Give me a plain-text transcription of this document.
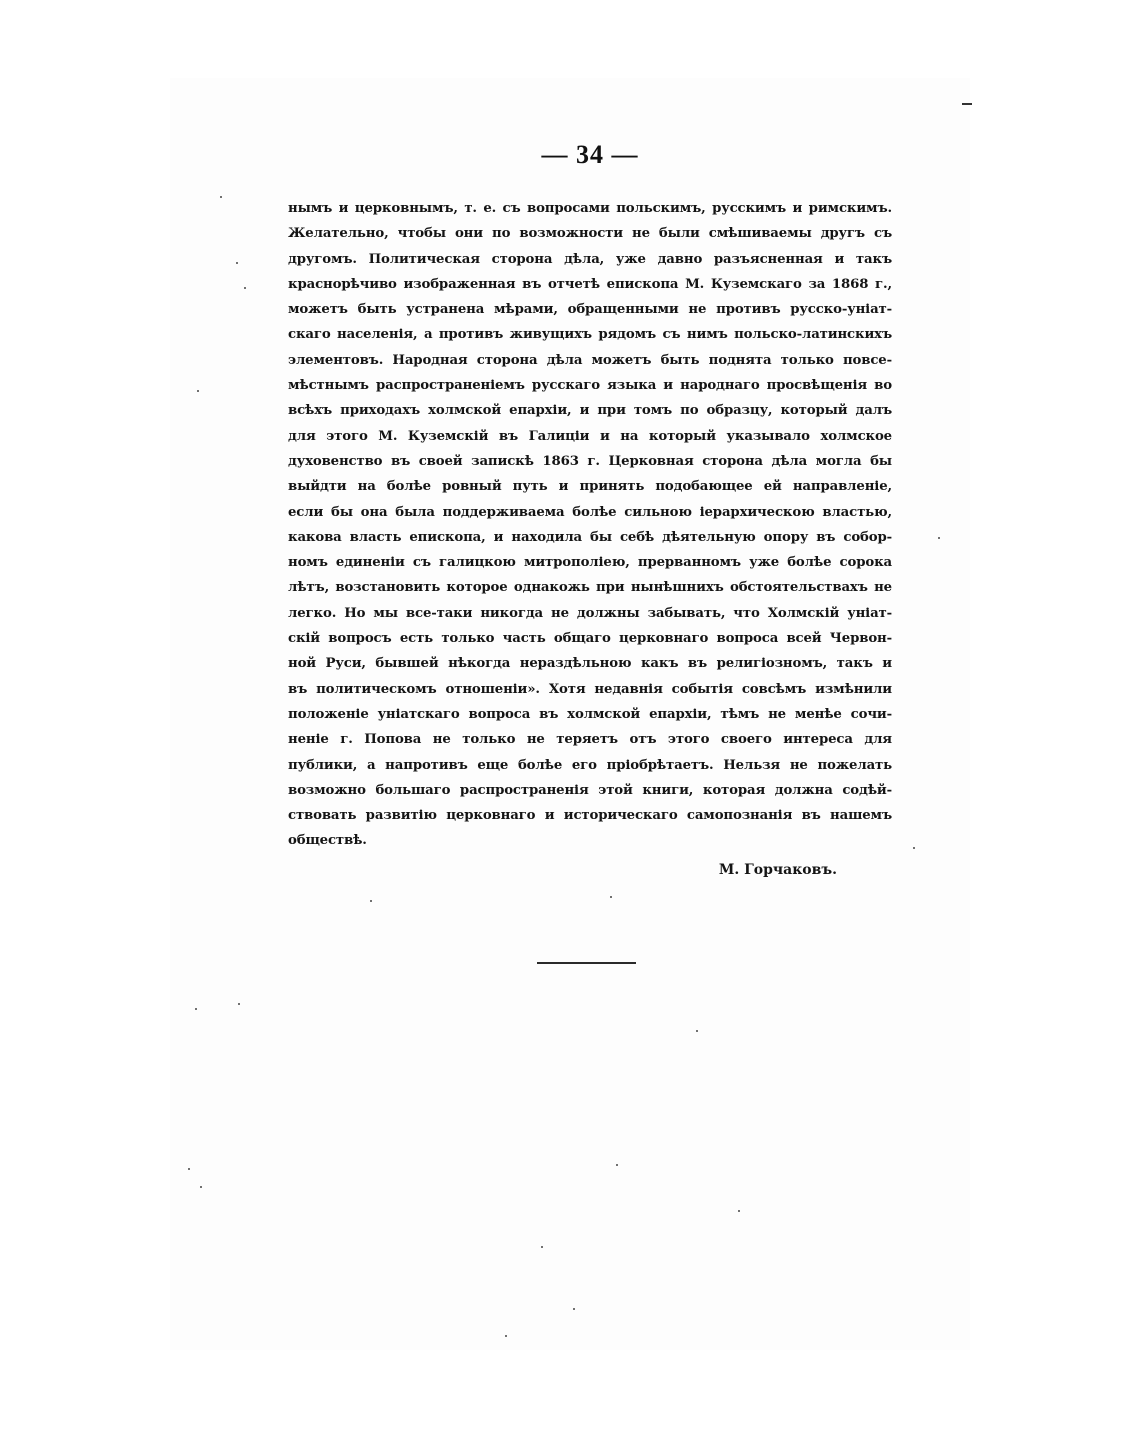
— 34 —
нымъ и церковнымъ, т. е. съ вопросами польскимъ, русскимъ и римскимъ.
Желательно, чтобы они по возможности не были смѣшиваемы другъ съ
другомъ. Политическая сторона дѣла, уже давно разъясненная и такъ
краснорѣчиво изображенная въ отчетѣ епископа М. Куземскаго за 1868 г.,
можетъ быть устранена мѣрами, обращенными не противъ русско-уніат-
скаго населенія, а противъ живущихъ рядомъ съ нимъ польско-латинскихъ
элементовъ. Народная сторона дѣла можетъ быть поднята только повсе-
мѣстнымъ распространеніемъ русскаго языка и народнаго просвѣщенія во
всѣхъ приходахъ холмской епархіи, и при томъ по образцу, который далъ
для этого М. Куземскій въ Галиціи и на который указывало холмское
духовенство въ своей запискѣ 1863 г. Церковная сторона дѣла могла бы
выйдти на болѣе ровный путь и принять подобающее ей направленіе,
если бы она была поддерживаема болѣе сильною іерархическою властью,
какова власть епископа, и находила бы себѣ дѣятельную опору въ собор-
номъ единеніи съ галицкою митрополіею, прерванномъ уже болѣе сорока
лѣтъ, возстановить которое однакожь при нынѣшнихъ обстоятельствахъ не
легко. Но мы все-таки никогда не должны забывать, что Холмскій уніат-
скій вопросъ есть только часть общаго церковнаго вопроса всей Червон-
ной Руси, бывшей нѣкогда нераздѣльною какъ въ религіозномъ, такъ и
въ политическомъ отношеніи». Хотя недавнія событія совсѣмъ измѣнили
положеніе уніатскаго вопроса въ холмской епархіи, тѣмъ не менѣе сочи-
неніе г. Попова не только не теряетъ отъ этого своего интереса для
публики, а напротивъ еще болѣе его пріобрѣтаетъ. Нельзя не пожелать
возможно большаго распространенія этой книги, которая должна содѣй-
ствовать развитію церковнаго и историческаго самопознанія въ нашемъ
обществѣ.
М. Горчаковъ.
